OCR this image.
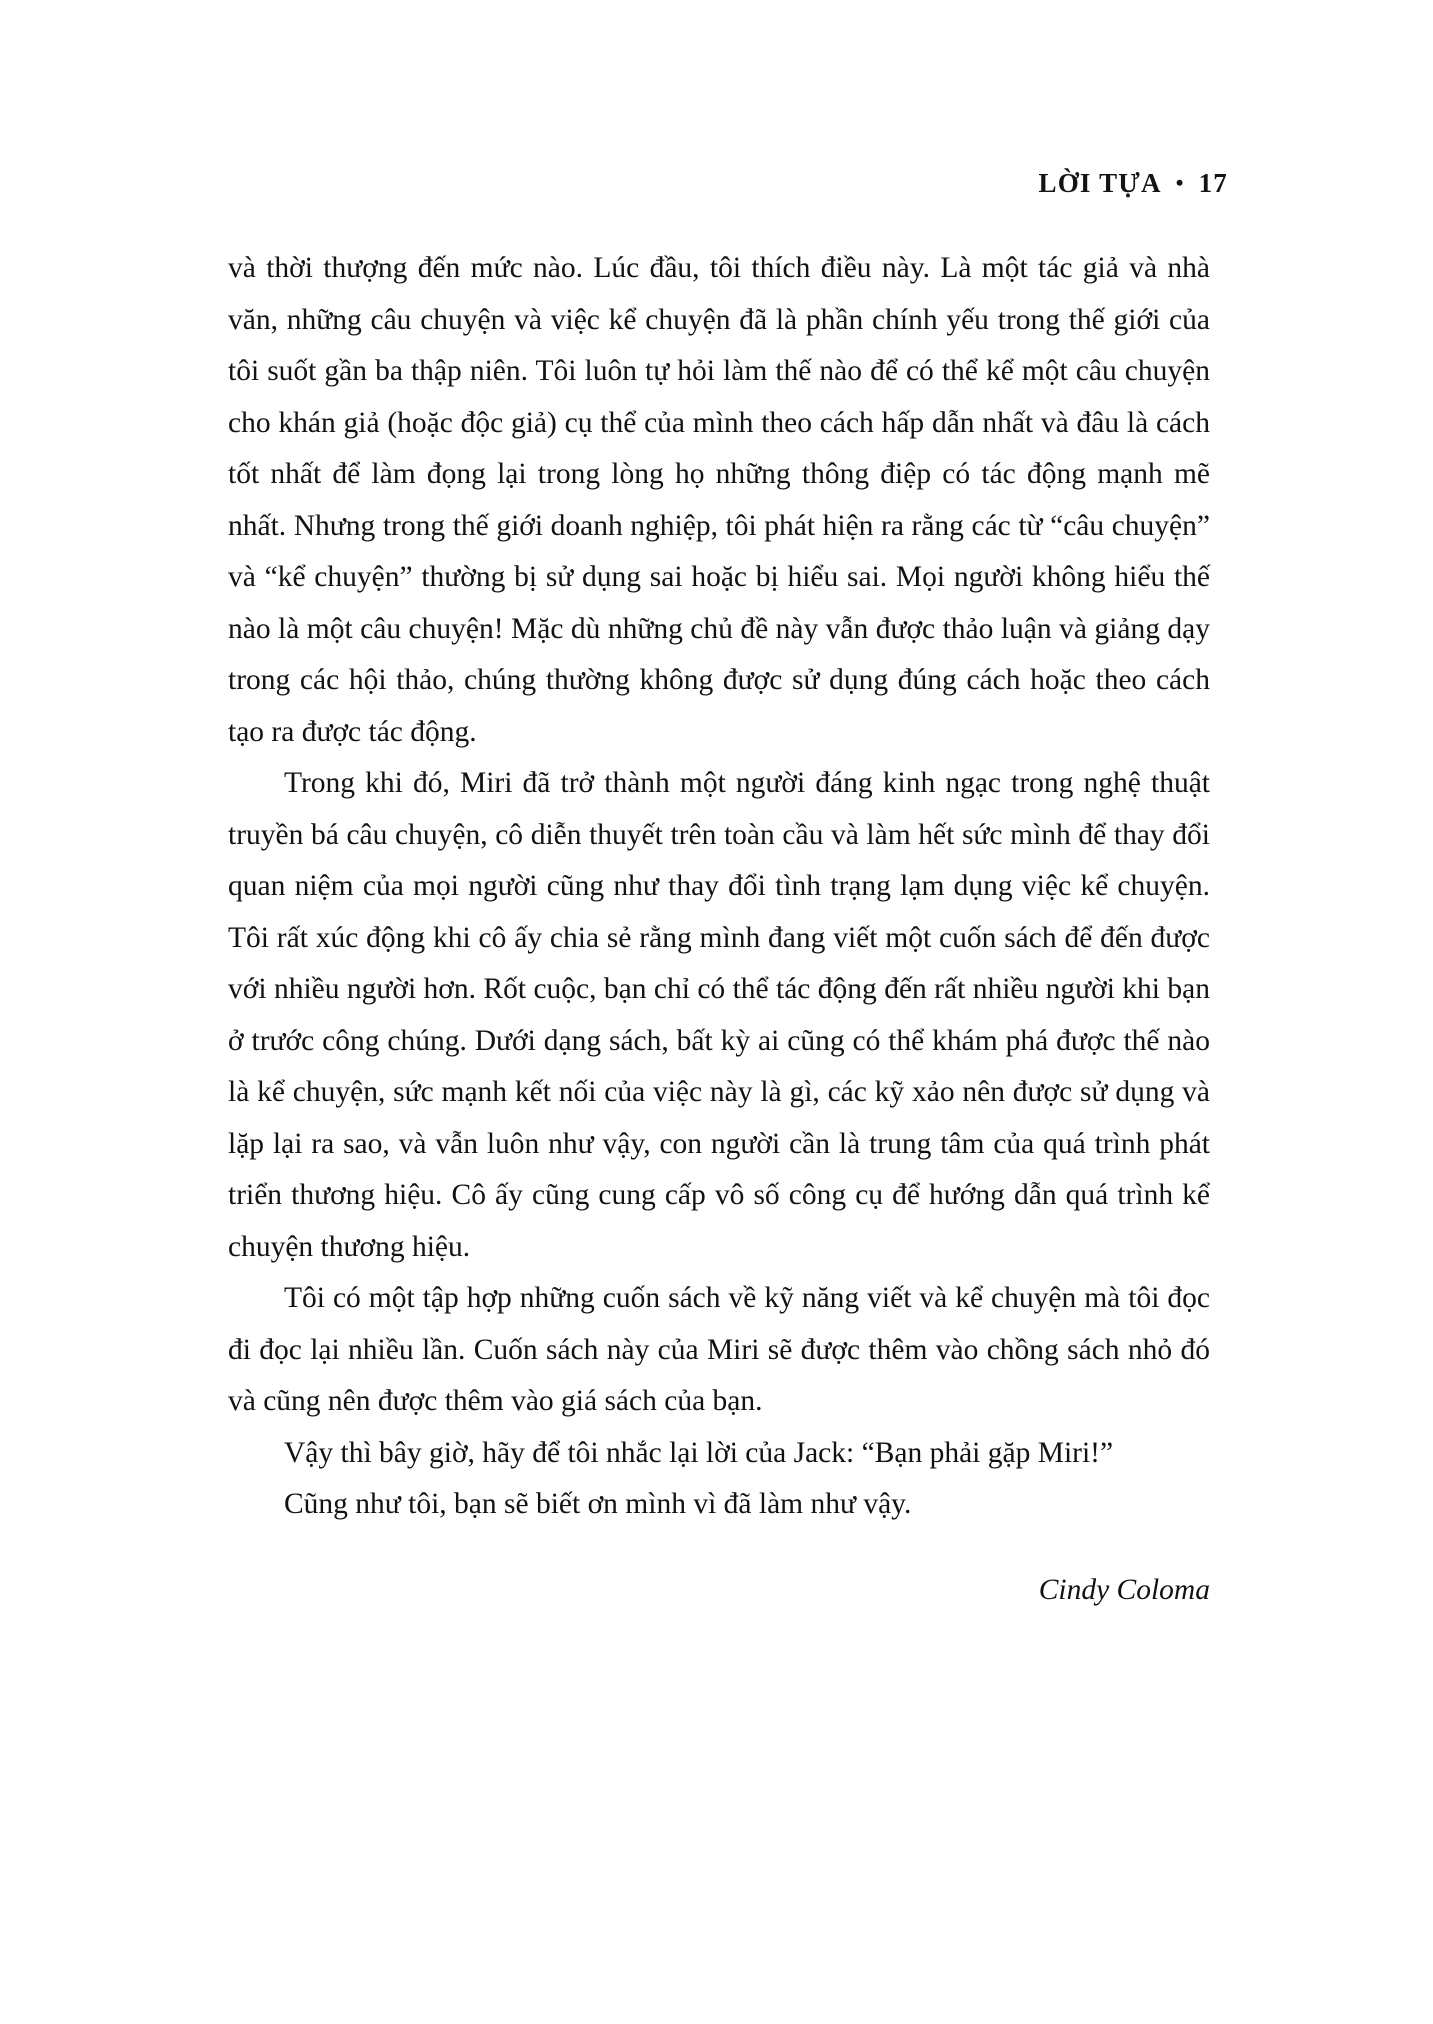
LỜI TỰA • 17

và thời thượng đến mức nào. Lúc đầu, tôi thích điều này. Là một tác giả và nhà văn, những câu chuyện và việc kể chuyện đã là phần chính yếu trong thế giới của tôi suốt gần ba thập niên. Tôi luôn tự hỏi làm thế nào để có thể kể một câu chuyện cho khán giả (hoặc độc giả) cụ thể của mình theo cách hấp dẫn nhất và đâu là cách tốt nhất để làm đọng lại trong lòng họ những thông điệp có tác động mạnh mẽ nhất. Nhưng trong thế giới doanh nghiệp, tôi phát hiện ra rằng các từ “câu chuyện” và “kể chuyện” thường bị sử dụng sai hoặc bị hiểu sai. Mọi người không hiểu thế nào là một câu chuyện! Mặc dù những chủ đề này vẫn được thảo luận và giảng dạy trong các hội thảo, chúng thường không được sử dụng đúng cách hoặc theo cách tạo ra được tác động.

Trong khi đó, Miri đã trở thành một người đáng kinh ngạc trong nghệ thuật truyền bá câu chuyện, cô diễn thuyết trên toàn cầu và làm hết sức mình để thay đổi quan niệm của mọi người cũng như thay đổi tình trạng lạm dụng việc kể chuyện. Tôi rất xúc động khi cô ấy chia sẻ rằng mình đang viết một cuốn sách để đến được với nhiều người hơn. Rốt cuộc, bạn chỉ có thể tác động đến rất nhiều người khi bạn ở trước công chúng. Dưới dạng sách, bất kỳ ai cũng có thể khám phá được thế nào là kể chuyện, sức mạnh kết nối của việc này là gì, các kỹ xảo nên được sử dụng và lặp lại ra sao, và vẫn luôn như vậy, con người cần là trung tâm của quá trình phát triển thương hiệu. Cô ấy cũng cung cấp vô số công cụ để hướng dẫn quá trình kể chuyện thương hiệu.

Tôi có một tập hợp những cuốn sách về kỹ năng viết và kể chuyện mà tôi đọc đi đọc lại nhiều lần. Cuốn sách này của Miri sẽ được thêm vào chồng sách nhỏ đó và cũng nên được thêm vào giá sách của bạn.

Vậy thì bây giờ, hãy để tôi nhắc lại lời của Jack: “Bạn phải gặp Miri!”

Cũng như tôi, bạn sẽ biết ơn mình vì đã làm như vậy.

Cindy Coloma
